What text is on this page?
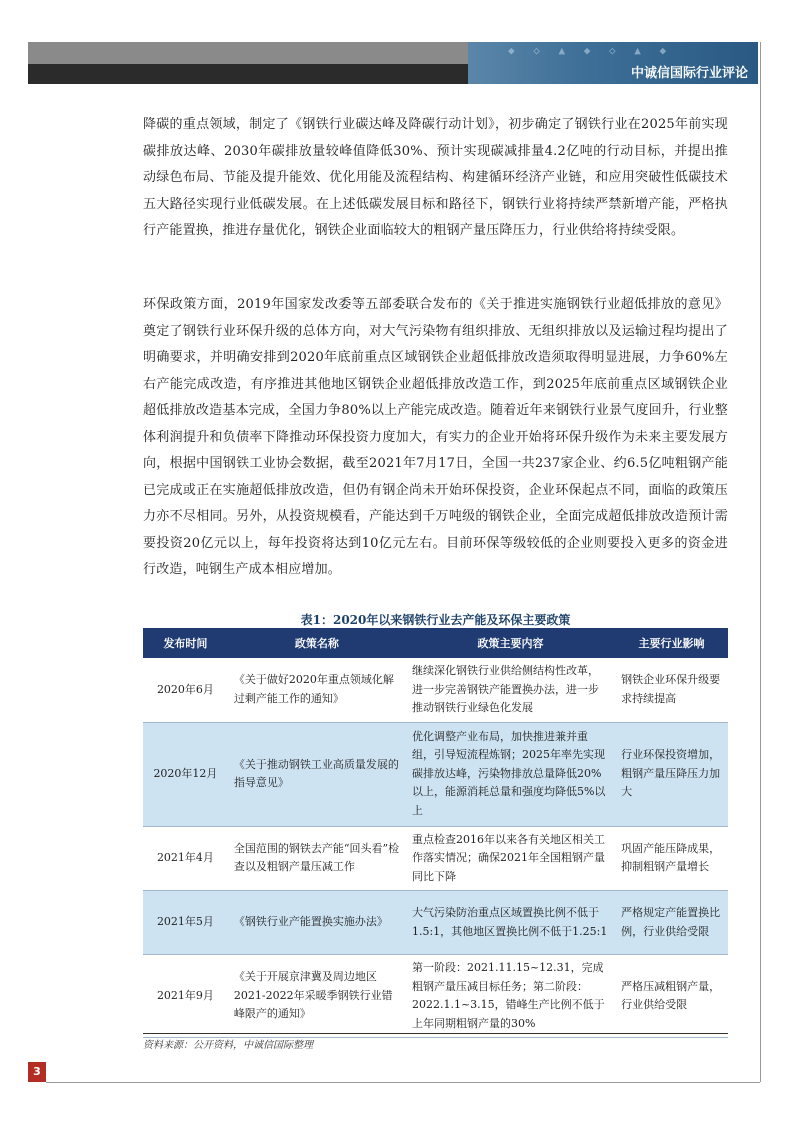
◆ ◇ ▲ ◆ ◇ ▲ ◆
中诚信国际行业评论
降碳的重点领域，制定了《钢铁行业碳达峰及降碳行动计划》，初步确定了钢铁行业在2025年前实现碳排放达峰、2030年碳排放量较峰值降低30%、预计实现碳减排量4.2亿吨的行动目标，并提出推动绿色布局、节能及提升能效、优化用能及流程结构、构建循环经济产业链，和应用突破性低碳技术五大路径实现行业低碳发展。在上述低碳发展目标和路径下，钢铁行业将持续严禁新增产能，严格执行产能置换，推进存量优化，钢铁企业面临较大的粗钢产量压降压力，行业供给将持续受限。
环保政策方面，2019年国家发改委等五部委联合发布的《关于推进实施钢铁行业超低排放的意见》奠定了钢铁行业环保升级的总体方向，对大气污染物有组织排放、无组织排放以及运输过程均提出了明确要求，并明确安排到2020年底前重点区域钢铁企业超低排放改造须取得明显进展，力争60%左右产能完成改造，有序推进其他地区钢铁企业超低排放改造工作，到2025年底前重点区域钢铁企业超低排放改造基本完成，全国力争80%以上产能完成改造。随着近年来钢铁行业景气度回升，行业整体利润提升和负债率下降推动环保投资力度加大，有实力的企业开始将环保升级作为未来主要发展方向，根据中国钢铁工业协会数据，截至2021年7月17日，全国一共237家企业、约6.5亿吨粗钢产能已完成或正在实施超低排放改造，但仍有钢企尚未开始环保投资，企业环保起点不同，面临的政策压力亦不尽相同。另外，从投资规模看，产能达到千万吨级的钢铁企业，全面完成超低排放改造预计需要投资20亿元以上，每年投资将达到10亿元左右。目前环保等级较低的企业则要投入更多的资金进行改造，吨钢生产成本相应增加。
表1：2020年以来钢铁行业去产能及环保主要政策
发布时间	政策名称	政策主要内容	主要行业影响
2020年6月	《关于做好2020年重点领域化解过剩产能工作的通知》	继续深化钢铁行业供给侧结构性改革，进一步完善钢铁产能置换办法，进一步推动钢铁行业绿色化发展	钢铁企业环保升级要求持续提高
2020年12月	《关于推动钢铁工业高质量发展的指导意见》	优化调整产业布局，加快推进兼并重组，引导短流程炼钢；2025年率先实现碳排放达峰，污染物排放总量降低20%以上，能源消耗总量和强度均降低5%以上	行业环保投资增加，粗钢产量压降压力加大
2021年4月	全国范围的钢铁去产能“回头看”检查以及粗钢产量压减工作	重点检查2016年以来各有关地区相关工作落实情况；确保2021年全国粗钢产量同比下降	巩固产能压降成果，抑制粗钢产量增长
2021年5月	《钢铁行业产能置换实施办法》	大气污染防治重点区域置换比例不低于1.5:1，其他地区置换比例不低于1.25:1	严格规定产能置换比例，行业供给受限
2021年9月	《关于开展京津冀及周边地区2021-2022年采暖季钢铁行业错峰限产的通知》	第一阶段：2021.11.15~12.31，完成粗钢产量压减目标任务；第二阶段：2022.1.1~3.15，错峰生产比例不低于上年同期粗钢产量的30%	严格压减粗钢产量，行业供给受限
资料来源：公开资料，中诚信国际整理
3
